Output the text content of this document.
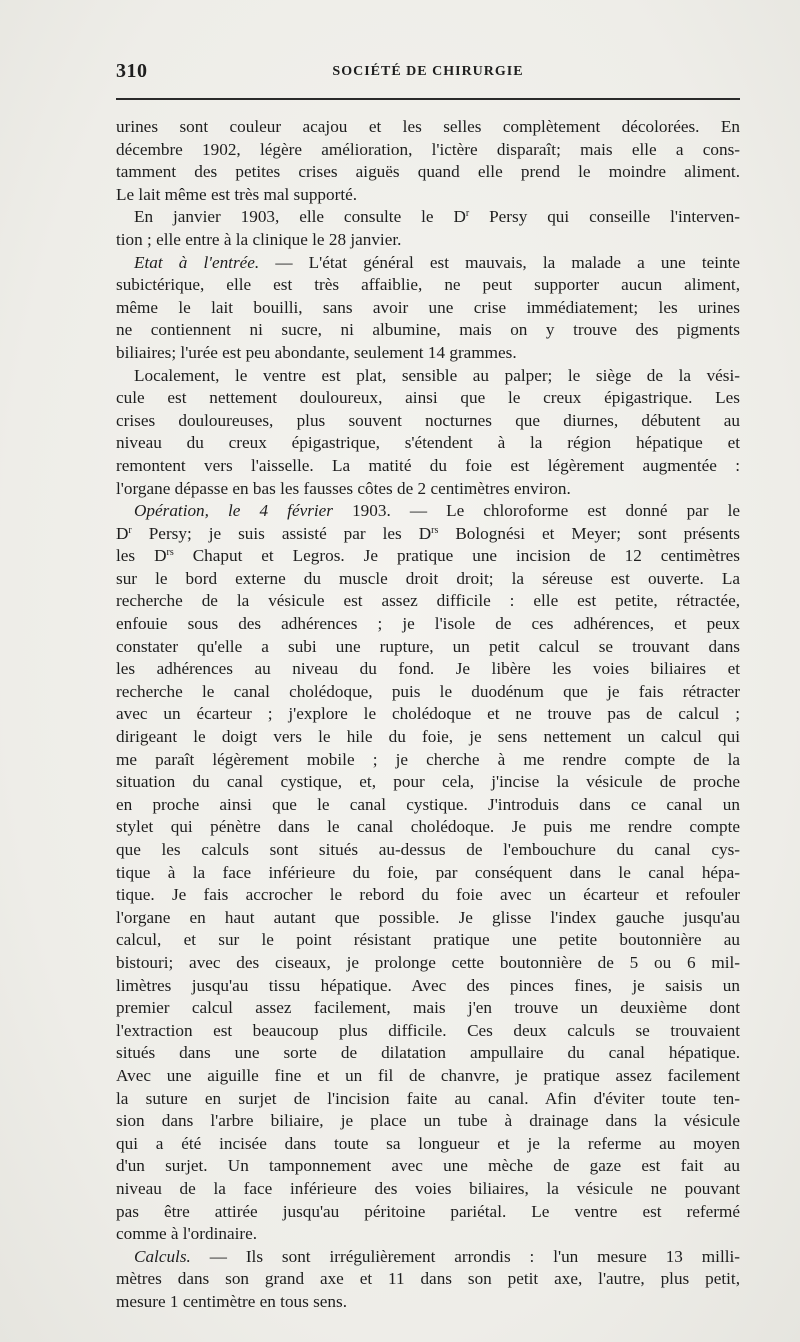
310	SOCIÉTÉ DE CHIRURGIE
urines sont couleur acajou et les selles complètement décolorées. En
décembre 1902, légère amélioration, l'ictère disparaît; mais elle a cons-
tamment des petites crises aiguës quand elle prend le moindre aliment.
Le lait même est très mal supporté.
En janvier 1903, elle consulte le $D^r$ Persy qui conseille l'interven-
tion ; elle entre à la clinique le 28 janvier.
Etat à l'entrée. — L'état général est mauvais, la malade a une teinte
subictérique, elle est très affaiblie, ne peut supporter aucun aliment,
même le lait bouilli, sans avoir une crise immédiatement; les urines
ne contiennent ni sucre, ni albumine, mais on y trouve des pigments
biliaires; l'urée est peu abondante, seulement 14 grammes.
Localement, le ventre est plat, sensible au palper; le siège de la vési-
cule est nettement douloureux, ainsi que le creux épigastrique. Les
crises douloureuses, plus souvent nocturnes que diurnes, débutent au
niveau du creux épigastrique, s'étendent à la région hépatique et
remontent vers l'aisselle. La matité du foie est légèrement augmentée :
l'organe dépasse en bas les fausses côtes de 2 centimètres environ.
Opération, le 4 février 1903. — Le chloroforme est donné par le
$D^r$ Persy; je suis assisté par les $D^{rs}$ Bolognési et Meyer; sont présents
les $D^{rs}$ Chaput et Legros. Je pratique une incision de 12 centimètres
sur le bord externe du muscle droit droit; la séreuse est ouverte. La
recherche de la vésicule est assez difficile : elle est petite, rétractée,
enfouie sous des adhérences ; je l'isole de ces adhérences, et peux
constater qu'elle a subi une rupture, un petit calcul se trouvant dans
les adhérences au niveau du fond. Je libère les voies biliaires et
recherche le canal cholédoque, puis le duodénum que je fais rétracter
avec un écarteur ; j'explore le cholédoque et ne trouve pas de calcul ;
dirigeant le doigt vers le hile du foie, je sens nettement un calcul qui
me paraît légèrement mobile ; je cherche à me rendre compte de la
situation du canal cystique, et, pour cela, j'incise la vésicule de proche
en proche ainsi que le canal cystique. J'introduis dans ce canal un
stylet qui pénètre dans le canal cholédoque. Je puis me rendre compte
que les calculs sont situés au-dessus de l'embouchure du canal cys-
tique à la face inférieure du foie, par conséquent dans le canal hépa-
tique. Je fais accrocher le rebord du foie avec un écarteur et refouler
l'organe en haut autant que possible. Je glisse l'index gauche jusqu'au
calcul, et sur le point résistant pratique une petite boutonnière au
bistouri; avec des ciseaux, je prolonge cette boutonnière de 5 ou 6 mil-
limètres jusqu'au tissu hépatique. Avec des pinces fines, je saisis un
premier calcul assez facilement, mais j'en trouve un deuxième dont
l'extraction est beaucoup plus difficile. Ces deux calculs se trouvaient
situés dans une sorte de dilatation ampullaire du canal hépatique.
Avec une aiguille fine et un fil de chanvre, je pratique assez facilement
la suture en surjet de l'incision faite au canal. Afin d'éviter toute ten-
sion dans l'arbre biliaire, je place un tube à drainage dans la vésicule
qui a été incisée dans toute sa longueur et je la referme au moyen
d'un surjet. Un tamponnement avec une mèche de gaze est fait au
niveau de la face inférieure des voies biliaires, la vésicule ne pouvant
pas être attirée jusqu'au péritoine pariétal. Le ventre est refermé
comme à l'ordinaire.
Calculs. — Ils sont irrégulièrement arrondis : l'un mesure 13 milli-
mètres dans son grand axe et 11 dans son petit axe, l'autre, plus petit,
mesure 1 centimètre en tous sens.
